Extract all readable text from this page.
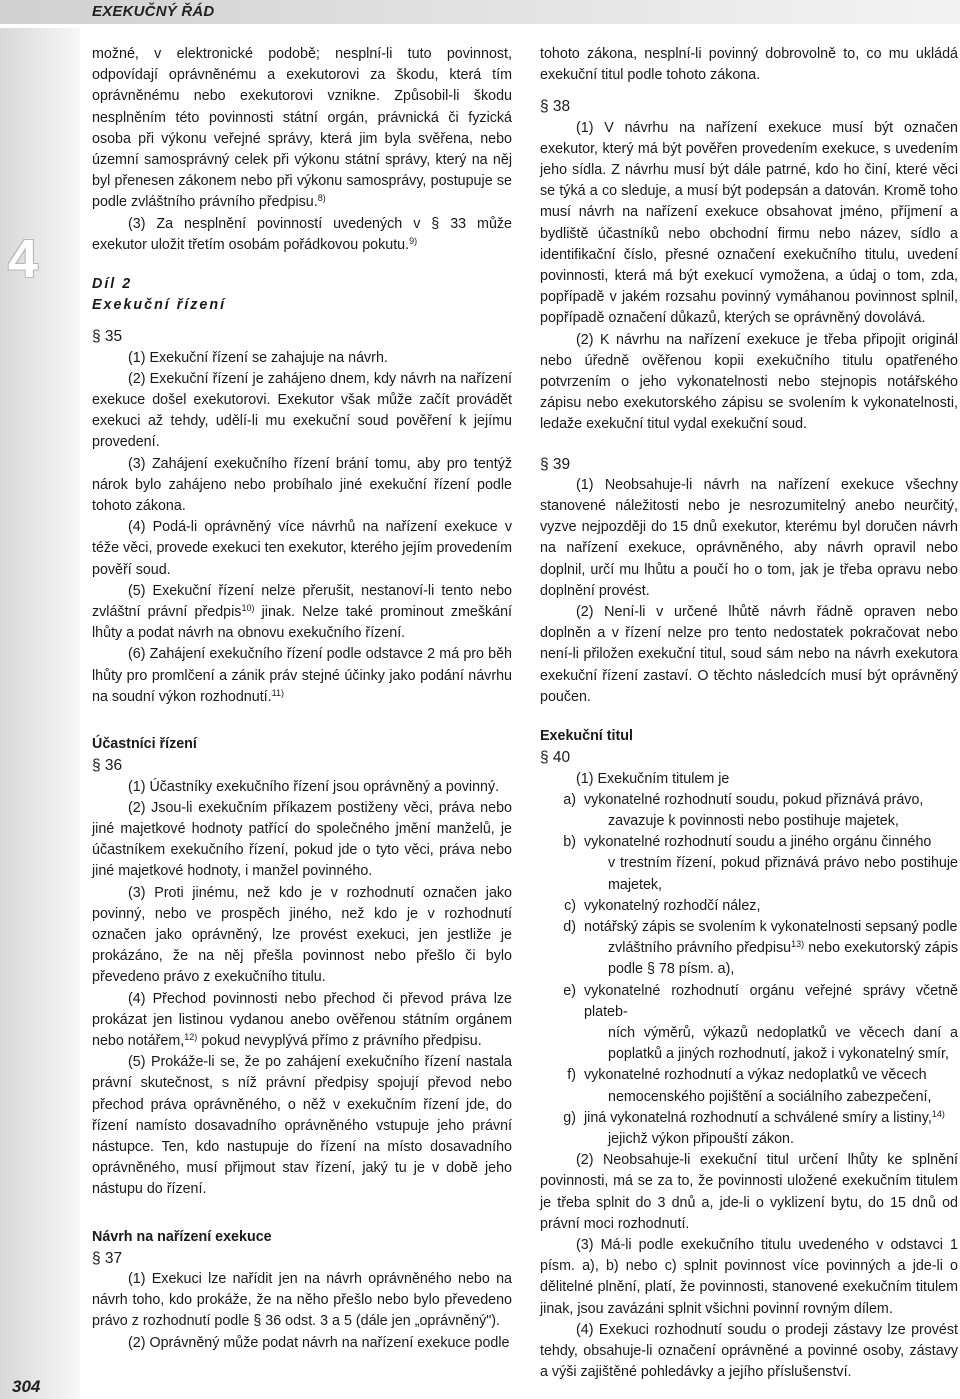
EXEKUČNÝ ŘÁD
4
304

možné, v elektronické podobě; nesplní-li tuto povinnost, odpovídají oprávněnému a exekutorovi za škodu, která tím oprávněnému nebo exekutorovi vznikne. Způsobil-li škodu nesplněním této povinnosti státní orgán, právnická či fyzická osoba při výkonu veřejné správy, která jim byla svěřena, nebo územní samosprávný celek při výkonu státní správy, který na něj byl přenesen zákonem nebo při výkonu samosprávy, postupuje se podle zvláštního právního předpisu.$^{8)}$

(3) Za nesplnění povinností uvedených v § 33 může exekutor uložit třetím osobám pořádkovou pokutu.$^{9)}$

Díl 2

Exekuční řízení

§ 35

(1) Exekuční řízení se zahajuje na návrh.

(2) Exekuční řízení je zahájeno dnem, kdy návrh na nařízení exekuce došel exekutorovi. Exekutor však může začít provádět exekuci až tehdy, udělí-li mu exekuční soud pověření k jejímu provedení.

(3) Zahájení exekučního řízení brání tomu, aby pro tentýž nárok bylo zahájeno nebo probíhalo jiné exekuční řízení podle tohoto zákona.

(4) Podá-li oprávněný více návrhů na nařízení exekuce v téže věci, provede exekuci ten exekutor, kterého jejím provedením pověří soud.

(5) Exekuční řízení nelze přerušit, nestanoví-li tento nebo zvláštní právní předpis$^{10)}$ jinak. Nelze také prominout zmeškání lhůty a podat návrh na obnovu exekučního řízení.

(6) Zahájení exekučního řízení podle odstavce 2 má pro běh lhůty pro promlčení a zánik práv stejné účinky jako podání návrhu na soudní výkon rozhodnutí.$^{11)}$

Účastníci řízení

§ 36

(1) Účastníky exekučního řízení jsou oprávněný a povinný.

(2) Jsou-li exekučním příkazem postiženy věci, práva nebo jiné majetkové hodnoty patřící do společného jmění manželů, je účastníkem exekučního řízení, pokud jde o tyto věci, práva nebo jiné majetkové hodnoty, i manžel povinného.

(3) Proti jinému, než kdo je v rozhodnutí označen jako povinný, nebo ve prospěch jiného, než kdo je v rozhodnutí označen jako oprávněný, lze provést exekuci, jen jestliže je prokázáno, že na něj přešla povinnost nebo přešlo či bylo převedeno právo z exekučního titulu.

(4) Přechod povinnosti nebo přechod či převod práva lze prokázat jen listinou vydanou anebo ověřenou státním orgánem nebo notářem,$^{12)}$ pokud nevyplývá přímo z právního předpisu.

(5) Prokáže-li se, že po zahájení exekučního řízení nastala právní skutečnost, s níž právní předpisy spojují převod nebo přechod práva oprávněného, o něž v exekučním řízení jde, do řízení namísto dosavadního oprávněného vstupuje jeho právní nástupce. Ten, kdo nastupuje do řízení na místo dosavadního oprávněného, musí přijmout stav řízení, jaký tu je v době jeho nástupu do řízení.

Návrh na nařízení exekuce

§ 37

(1) Exekuci lze nařídit jen na návrh oprávněného nebo na návrh toho, kdo prokáže, že na něho přešlo nebo bylo převedeno právo z rozhodnutí podle § 36 odst. 3 a 5 (dále jen „oprávněný").

(2) Oprávněný může podat návrh na nařízení exekuce podle

tohoto zákona, nesplní-li povinný dobrovolně to, co mu ukládá exekuční titul podle tohoto zákona.

§ 38

(1) V návrhu na nařízení exekuce musí být označen exekutor, který má být pověřen provedením exekuce, s uvedením jeho sídla. Z návrhu musí být dále patrné, kdo ho činí, které věci se týká a co sleduje, a musí být podepsán a datován. Kromě toho musí návrh na nařízení exekuce obsahovat jméno, příjmení a bydliště účastníků nebo obchodní firmu nebo název, sídlo a identifikační číslo, přesné označení exekučního titulu, uvedení povinnosti, která má být exekucí vymožena, a údaj o tom, zda, popřípadě v jakém rozsahu povinný vymáhanou povinnost splnil, popřípadě označení důkazů, kterých se oprávněný dovolává.

(2) K návrhu na nařízení exekuce je třeba připojit originál nebo úředně ověřenou kopii exekučního titulu opatřeného potvrzením o jeho vykonatelnosti nebo stejnopis notářského zápisu nebo exekutorského zápisu se svolením k vykonatelnosti, ledaže exekuční titul vydal exekuční soud.

§ 39

(1) Neobsahuje-li návrh na nařízení exekuce všechny stanovené náležitosti nebo je nesrozumitelný anebo neurčitý, vyzve nejpozději do 15 dnů exekutor, kterému byl doručen návrh na nařízení exekuce, oprávněného, aby návrh opravil nebo doplnil, určí mu lhůtu a poučí ho o tom, jak je třeba opravu nebo doplnění provést.

(2) Není-li v určené lhůtě návrh řádně opraven nebo doplněn a v řízení nelze pro tento nedostatek pokračovat nebo není-li přiložen exekuční titul, soud sám nebo na návrh exekutora exekuční řízení zastaví. O těchto následcích musí být oprávněný poučen.

Exekuční titul

§ 40

(1) Exekučním titulem je

a) vykonatelné rozhodnutí soudu, pokud přiznává právo,
zavazuje k povinnosti nebo postihuje majetek,
b) vykonatelné rozhodnutí soudu a jiného orgánu činného
v trestním řízení, pokud přiznává právo nebo postihuje majetek,
c) vykonatelný rozhodčí nález,
d) notářský zápis se svolením k vykonatelnosti sepsaný podle
zvláštního právního předpisu$^{13)}$ nebo exekutorský zápis podle § 78 písm. a),
e) vykonatelné rozhodnutí orgánu veřejné správy včetně plateb-
ních výměrů, výkazů nedoplatků ve věcech daní a poplatků a jiných rozhodnutí, jakož i vykonatelný smír,
f) vykonatelné rozhodnutí a výkaz nedoplatků ve věcech
nemocenského pojištění a sociálního zabezpečení,
g) jiná vykonatelná rozhodnutí a schválené smíry a listiny,$^{14)}$
jejichž výkon připouští zákon.

(2) Neobsahuje-li exekuční titul určení lhůty ke splnění povinnosti, má se za to, že povinnosti uložené exekučním titulem je třeba splnit do 3 dnů a, jde-li o vyklizení bytu, do 15 dnů od právní moci rozhodnutí.

(3) Má-li podle exekučního titulu uvedeného v odstavci 1 písm. a), b) nebo c) splnit povinnost více povinných a jde-li o dělitelné plnění, platí, že povinnosti, stanovené exekučním titulem jinak, jsou zavázáni splnit všichni povinní rovným dílem.

(4) Exekuci rozhodnutí soudu o prodeji zástavy lze provést tehdy, obsahuje-li označení oprávněné a povinné osoby, zástavy a výši zajištěné pohledávky a jejího příslušenství.
